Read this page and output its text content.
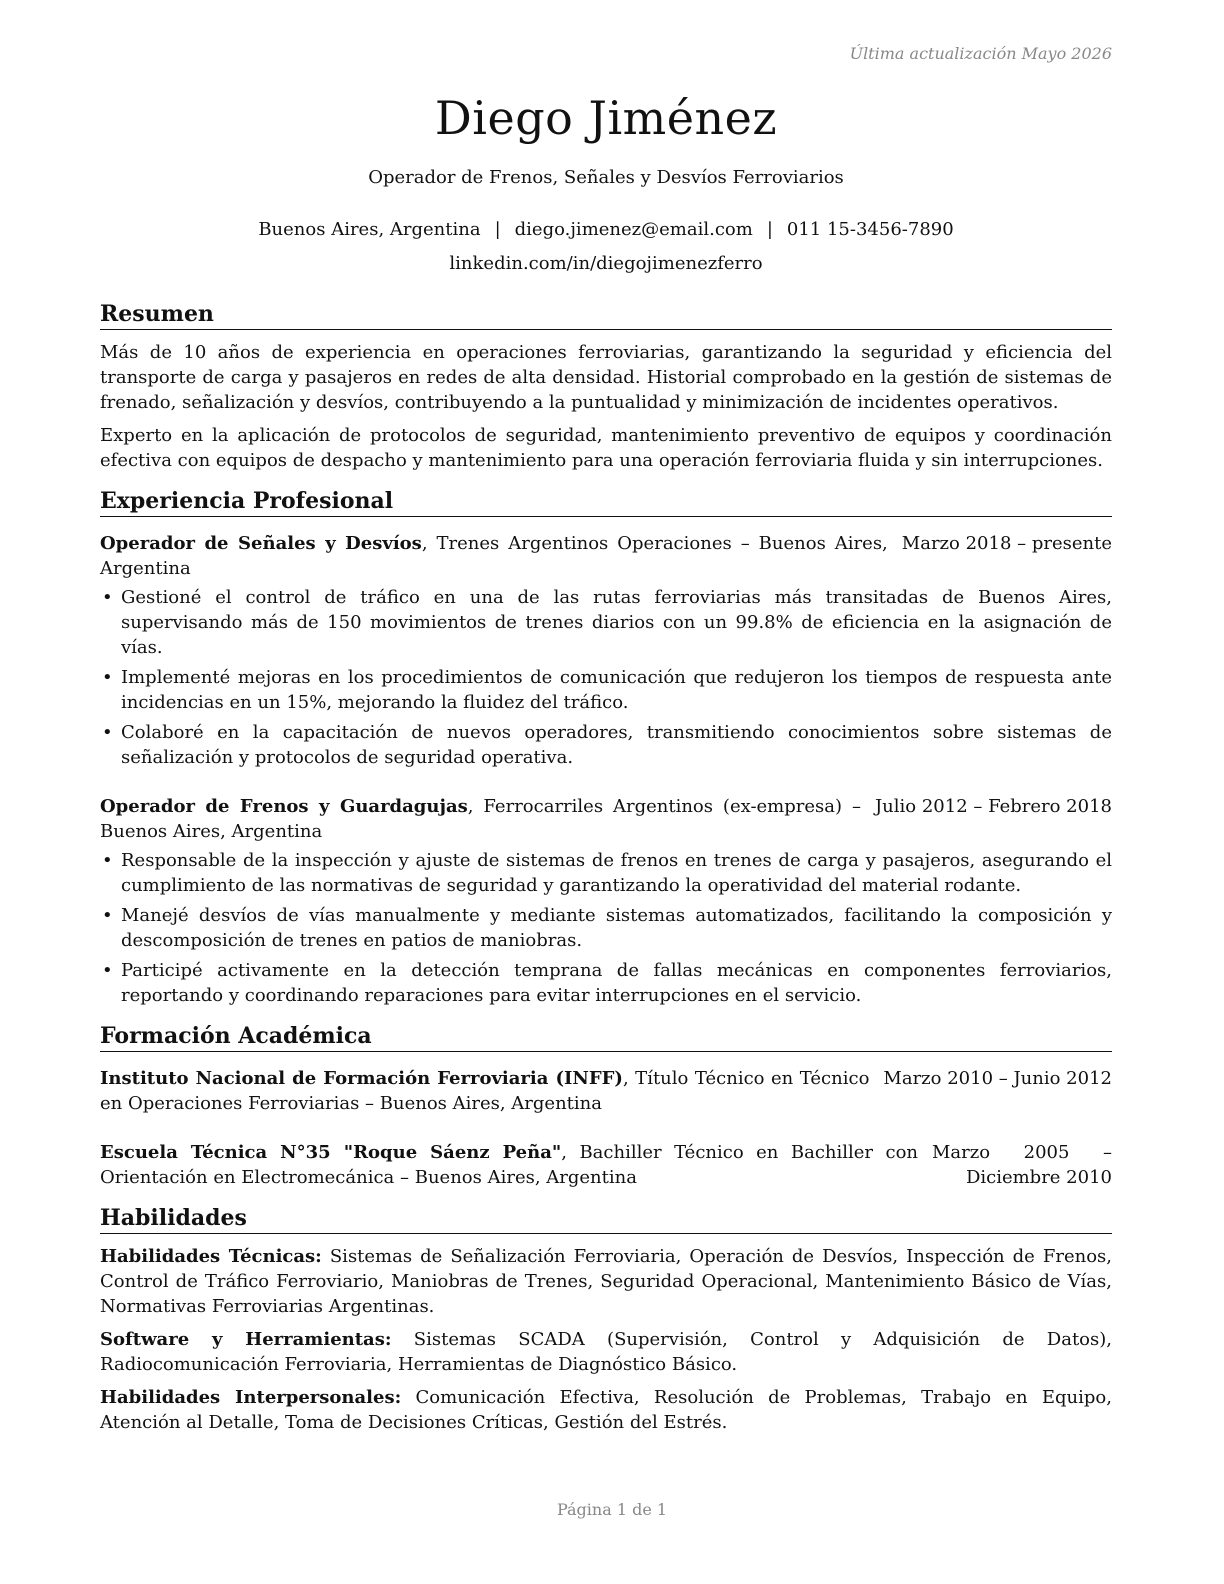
Última actualización Mayo 2026
Diego Jiménez
Operador de Frenos, Señales y Desvíos Ferroviarios
Buenos Aires, Argentina | diego.jimenez@email.com | 011 15-3456-7890
linkedin.com/in/diegojimenezferro
Resumen

Más de 10 años de experiencia en operaciones ferroviarias, garantizando la seguridad y eficiencia del transporte de carga y pasajeros en redes de alta densidad. Historial comprobado en la gestión de sistemas de frenado, señalización y desvíos, contribuyendo a la puntualidad y minimización de incidentes operativos.

Experto en la aplicación de protocolos de seguridad, mantenimiento preventivo de equipos y coordinación efectiva con equipos de despacho y mantenimiento para una operación ferroviaria fluida y sin interrupciones.

Experiencia Profesional
Operador de Señales y Desvíos, Trenes Argentinos Operaciones – Buenos Aires, Argentina
Marzo 2018 – presente
• Gestioné el control de tráfico en una de las rutas ferroviarias más transitadas de Buenos Aires, supervisando más de 150 movimientos de trenes diarios con un 99.8% de eficiencia en la asignación de vías.
• Implementé mejoras en los procedimientos de comunicación que redujeron los tiempos de respuesta ante incidencias en un 15%, mejorando la fluidez del tráfico.
• Colaboré en la capacitación de nuevos operadores, transmitiendo conocimientos sobre sistemas de señalización y protocolos de seguridad operativa.
Operador de Frenos y Guardagujas, Ferrocarriles Argentinos (ex-empresa) – Buenos Aires, Argentina
Julio 2012 – Febrero 2018
• Responsable de la inspección y ajuste de sistemas de frenos en trenes de carga y pasajeros, asegurando el cumplimiento de las normativas de seguridad y garantizando la operatividad del material rodante.
• Manejé desvíos de vías manualmente y mediante sistemas automatizados, facilitando la composición y descomposición de trenes en patios de maniobras.
• Participé activamente en la detección temprana de fallas mecánicas en componentes ferroviarios, reportando y coordinando reparaciones para evitar interrupciones en el servicio.
Formación Académica
Instituto Nacional de Formación Ferroviaria (INFF), Título Técnico en Técnico en Operaciones Ferroviarias – Buenos Aires, Argentina
Marzo 2010 – Junio 2012
Escuela Técnica N°35 "Roque Sáenz Peña", Bachiller Técnico en Bachiller con Orientación en Electromecánica – Buenos Aires, Argentina
Marzo 2005 – Diciembre 2010
Habilidades
Habilidades Técnicas: Sistemas de Señalización Ferroviaria, Operación de Desvíos, Inspección de Frenos, Control de Tráfico Ferroviario, Maniobras de Trenes, Seguridad Operacional, Mantenimiento Básico de Vías, Normativas Ferroviarias Argentinas.
Software y Herramientas: Sistemas SCADA (Supervisión, Control y Adquisición de Datos), Radiocomunicación Ferroviaria, Herramientas de Diagnóstico Básico.
Habilidades Interpersonales: Comunicación Efectiva, Resolución de Problemas, Trabajo en Equipo, Atención al Detalle, Toma de Decisiones Críticas, Gestión del Estrés.
Página 1 de 1
